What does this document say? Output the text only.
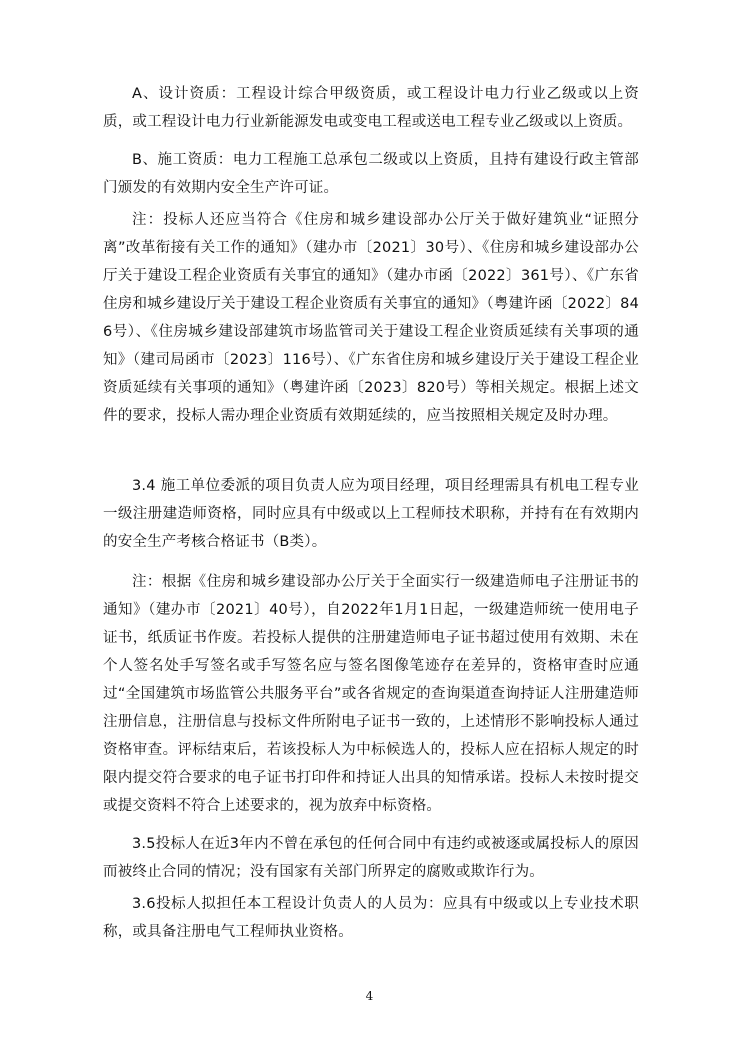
A、设计资质：工程设计综合甲级资质，或工程设计电力行业乙级或以上资质，或工程设计电力行业新能源发电或变电工程或送电工程专业乙级或以上资质。

B、施工资质：电力工程施工总承包二级或以上资质，且持有建设行政主管部门颁发的有效期内安全生产许可证。

注：投标人还应当符合《住房和城乡建设部办公厅关于做好建筑业“证照分离”改革衔接有关工作的通知》（建办市〔2021〕30号）、《住房和城乡建设部办公厅关于建设工程企业资质有关事宜的通知》（建办市函〔2022〕361号）、《广东省住房和城乡建设厅关于建设工程企业资质有关事宜的通知》（粤建许函〔2022〕846号）、《住房城乡建设部建筑市场监管司关于建设工程企业资质延续有关事项的通知》（建司局函市〔2023〕116号）、《广东省住房和城乡建设厅关于建设工程企业资质延续有关事项的通知》（粤建许函〔2023〕820号）等相关规定。根据上述文件的要求，投标人需办理企业资质有效期延续的，应当按照相关规定及时办理。

3.4 施工单位委派的项目负责人应为项目经理，项目经理需具有机电工程专业一级注册建造师资格，同时应具有中级或以上工程师技术职称，并持有在有效期内的安全生产考核合格证书（B类）。

注：根据《住房和城乡建设部办公厅关于全面实行一级建造师电子注册证书的通知》（建办市〔2021〕40号），自2022年1月1日起，一级建造师统一使用电子证书，纸质证书作废。若投标人提供的注册建造师电子证书超过使用有效期、未在个人签名处手写签名或手写签名应与签名图像笔迹存在差异的，资格审查时应通过“全国建筑市场监管公共服务平台”或各省规定的查询渠道查询持证人注册建造师注册信息，注册信息与投标文件所附电子证书一致的，上述情形不影响投标人通过资格审查。评标结束后，若该投标人为中标候选人的，投标人应在招标人规定的时限内提交符合要求的电子证书打印件和持证人出具的知情承诺。投标人未按时提交或提交资料不符合上述要求的，视为放弃中标资格。

3.5投标人在近3年内不曾在承包的任何合同中有违约或被逐或属投标人的原因而被终止合同的情况；没有国家有关部门所界定的腐败或欺诈行为。

3.6投标人拟担任本工程设计负责人的人员为：应具有中级或以上专业技术职称，或具备注册电气工程师执业资格。

4
